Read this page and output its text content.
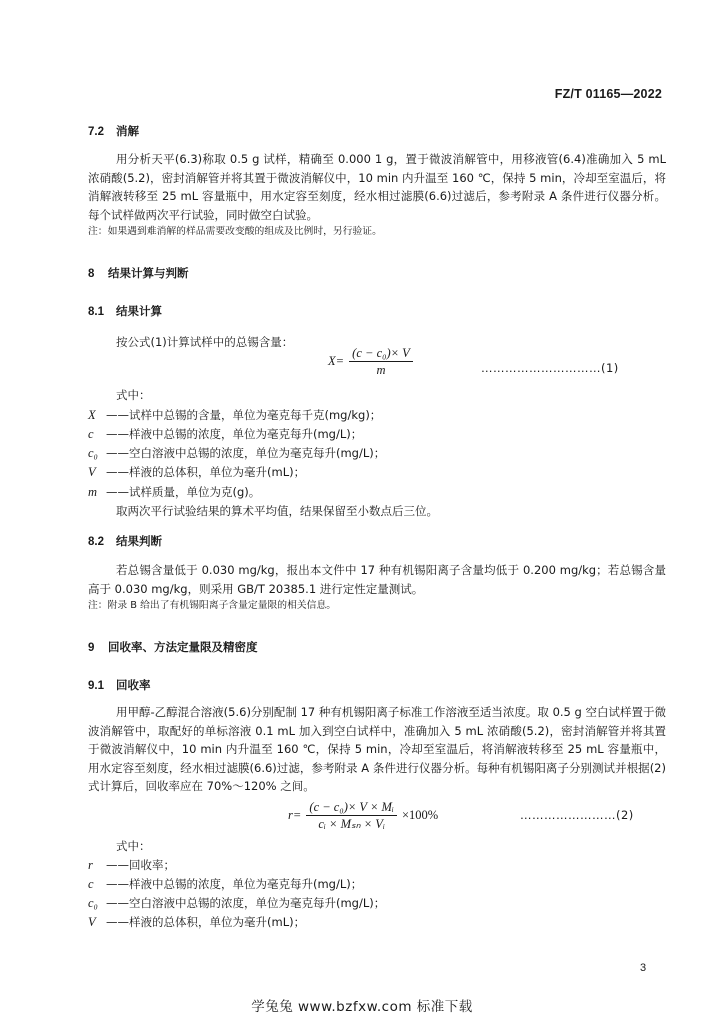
FZ/T 01165—2022
7.2 消解
用分析天平(6.3)称取 0.5 g 试样，精确至 0.000 1 g，置于微波消解管中，用移液管(6.4)准确加入 5 mL 浓硝酸(5.2)，密封消解管并将其置于微波消解仪中，10 min 内升温至 160 ℃，保持 5 min，冷却至室温后，将消解液转移至 25 mL 容量瓶中，用水定容至刻度，经水相过滤膜(6.6)过滤后，参考附录 A 条件进行仪器分析。每个试样做两次平行试验，同时做空白试验。
注：如果遇到难消解的样品需要改变酸的组成及比例时，另行验证。
8 结果计算与判断
8.1 结果计算
按公式(1)计算试样中的总锡含量：
$X= \frac{\text{(c − c₀)× V}}{m}$	…………………………(1)
式中：
X ——试样中总锡的含量，单位为毫克每千克(mg/kg)；
c ——样液中总锡的浓度，单位为毫克每升(mg/L)；
c₀ ——空白溶液中总锡的浓度，单位为毫克每升(mg/L)；
V ——样液的总体积，单位为毫升(mL)；
m ——试样质量，单位为克(g)。
取两次平行试验结果的算术平均值，结果保留至小数点后三位。
8.2 结果判断
若总锡含量低于 0.030 mg/kg，报出本文件中 17 种有机锡阳离子含量均低于 0.200 mg/kg；若总锡含量高于 0.030 mg/kg，则采用 GB/T 20385.1 进行定性定量测试。
注：附录 B 给出了有机锡阳离子含量定量限的相关信息。
9 回收率、方法定量限及精密度
9.1 回收率
用甲醇-乙醇混合溶液(5.6)分别配制 17 种有机锡阳离子标准工作溶液至适当浓度。取 0.5 g 空白试样置于微波消解管中，取配好的单标溶液 0.1 mL 加入到空白试样中，准确加入 5 mL 浓硝酸(5.2)，密封消解管并将其置于微波消解仪中，10 min 内升温至 160 ℃，保持 5 min，冷却至室温后，将消解液转移至 25 mL 容量瓶中，用水定容至刻度，经水相过滤膜(6.6)过滤，参考附录 A 条件进行仪器分析。每种有机锡阳离子分别测试并根据(2)式计算后，回收率应在 70%～120% 之间。
$r= \frac{\text{(c − c₀)× V × Mᵢ}}{\text{cᵢ × Mₛₙ × Vᵢ}} \times 100\%$	……………………(2)
式中：
r ——回收率；
c ——样液中总锡的浓度，单位为毫克每升(mg/L)；
c₀ ——空白溶液中总锡的浓度，单位为毫克每升(mg/L)；
V ——样液的总体积，单位为毫升(mL)；
3
学兔兔 www.bzfxw.com 标准下载
